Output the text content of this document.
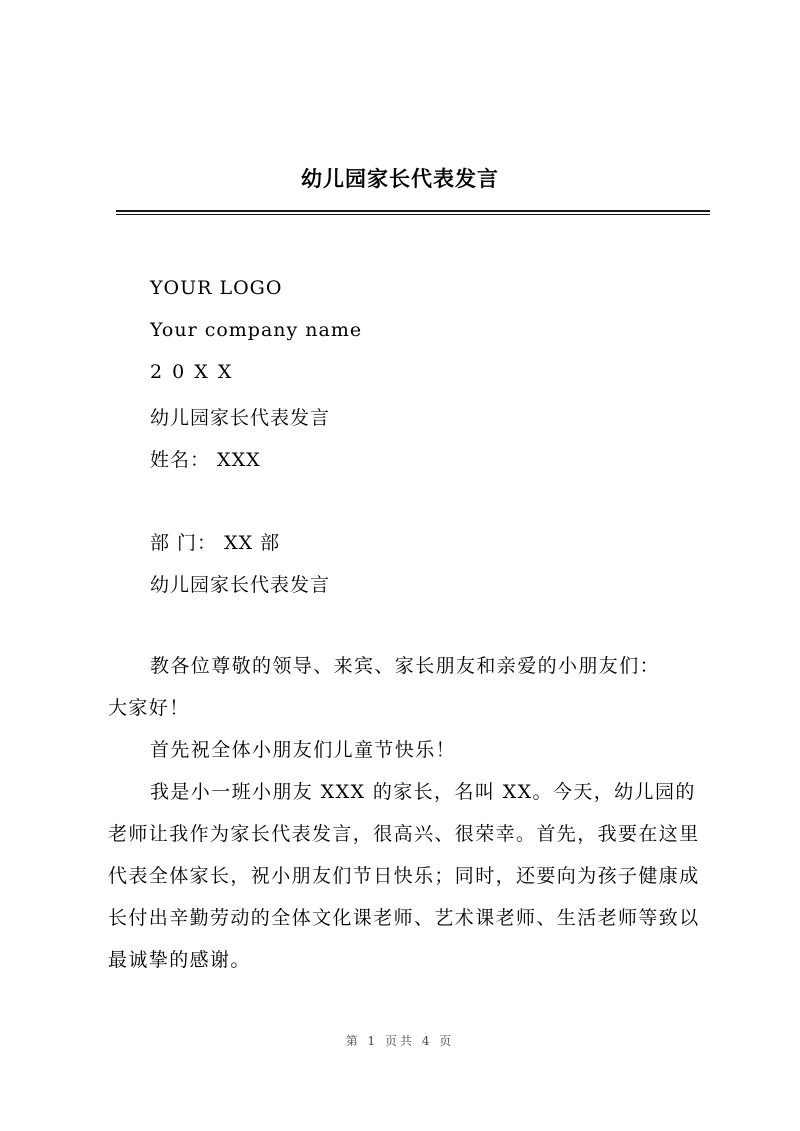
幼儿园家长代表发言
YOUR LOGO
Your company name
2 0 X X
幼儿园家长代表发言
姓名： XXX
部 门： XX 部
幼儿园家长代表发言

教各位尊敬的领导、来宾、家长朋友和亲爱的小朋友们：

大家好！

首先祝全体小朋友们儿童节快乐！

我是小一班小朋友 XXX 的家长，名叫 XX。今天，幼儿园的老师让我作为家长代表发言，很高兴、很荣幸。首先，我要在这里代表全体家长，祝小朋友们节日快乐；同时，还要向为孩子健康成长付出辛勤劳动的全体文化课老师、艺术课老师、生活老师等致以最诚挚的感谢。

第 1 页共 4 页
